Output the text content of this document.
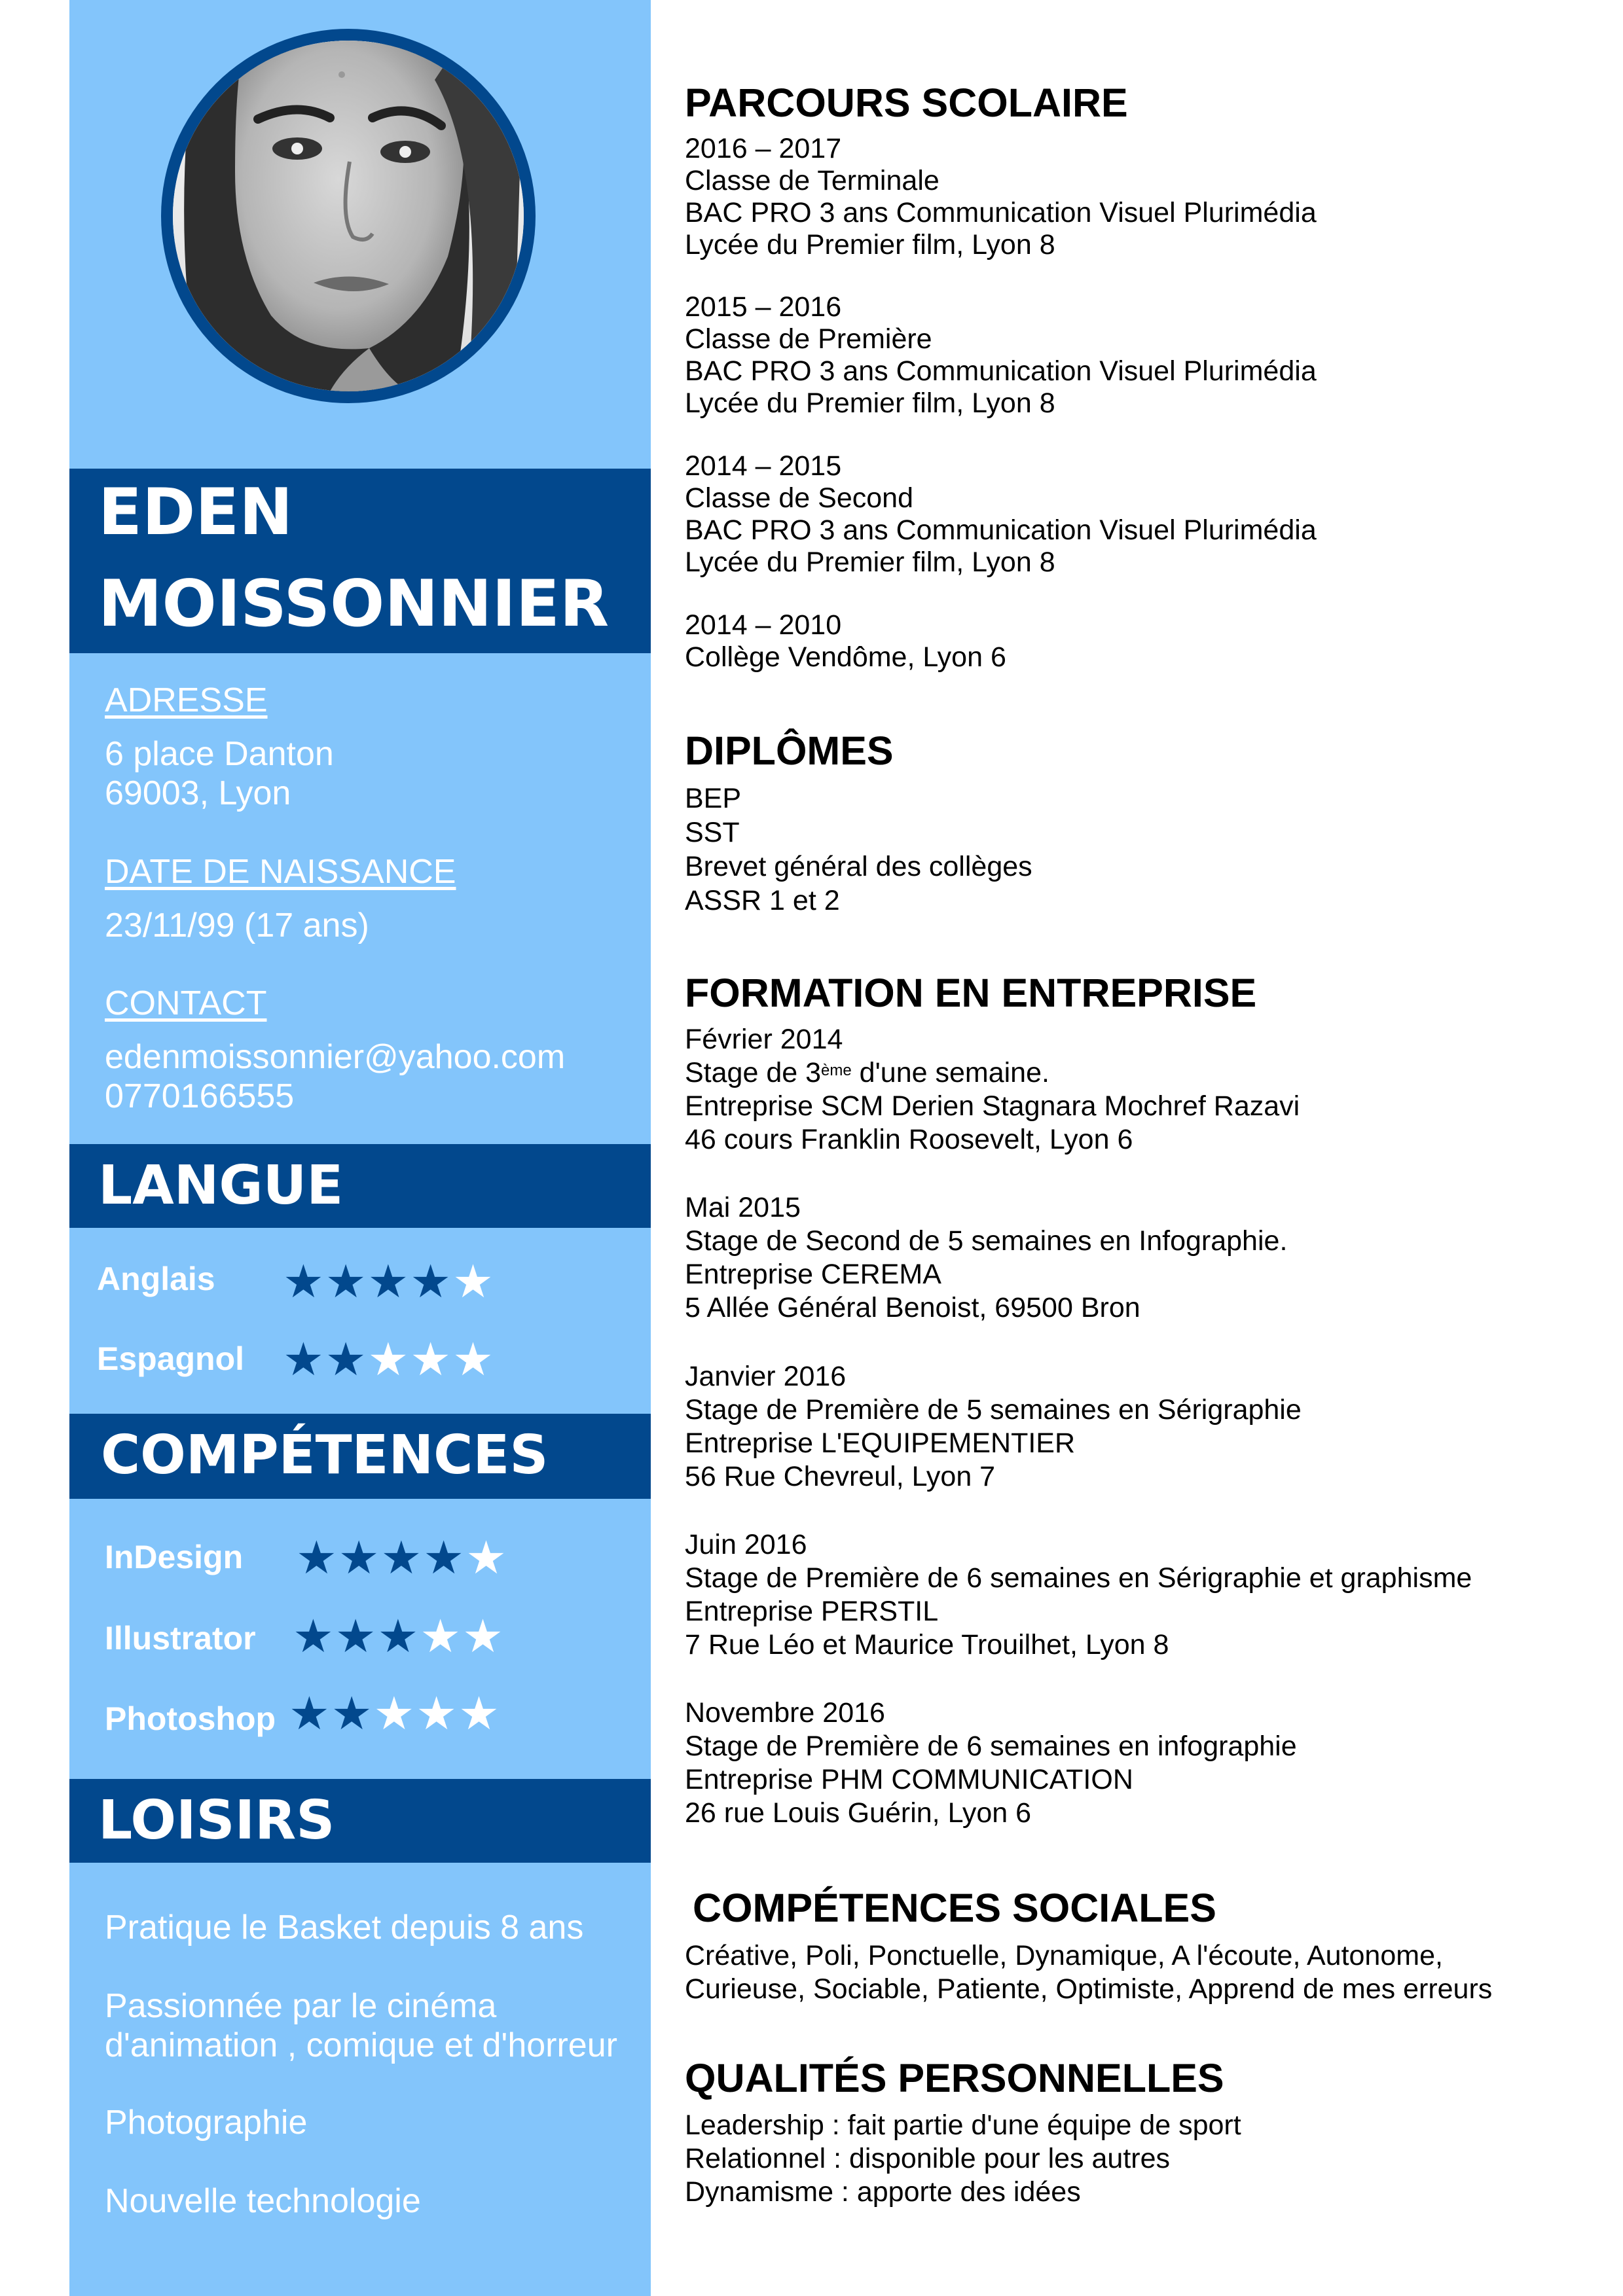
EDEN
MOISSONNIER
ADRESSE
6 place Danton
69003, Lyon
DATE DE NAISSANCE
23/11/99 (17 ans)
CONTACT
edenmoissonnier@yahoo.com
0770166555
LANGUE
Anglais ★★★★★
Espagnol ★★★★★
COMPÉTENCES
InDesign ★★★★★
Illustrator ★★★★★
Photoshop ★★★★★
LOISIRS
Pratique le Basket depuis 8 ans
Passionnée par le cinéma
d'animation , comique et d'horreur
Photographie
Nouvelle technologie
PARCOURS SCOLAIRE
2016 – 2017
Classe de Terminale
BAC PRO 3 ans Communication Visuel Plurimédia
Lycée du Premier film, Lyon 8
2015 – 2016
Classe de Première
BAC PRO 3 ans Communication Visuel Plurimédia
Lycée du Premier film, Lyon 8
2014 – 2015
Classe de Second
BAC PRO 3 ans Communication Visuel Plurimédia
Lycée du Premier film, Lyon 8
2014 – 2010
Collège Vendôme, Lyon 6
DIPLÔMES
BEP
SST
Brevet général des collèges
ASSR 1 et 2
FORMATION EN ENTREPRISE
Février 2014
Stage de 3ème d'une semaine.
Entreprise SCM Derien Stagnara Mochref Razavi
46 cours Franklin Roosevelt, Lyon 6
Mai 2015
Stage de Second de 5 semaines en Infographie.
Entreprise CEREMA
5 Allée Général Benoist, 69500 Bron
Janvier 2016
Stage de Première de 5 semaines en Sérigraphie
Entreprise L'EQUIPEMENTIER
56 Rue Chevreul, Lyon 7
Juin 2016
Stage de Première de 6 semaines en Sérigraphie et graphisme
Entreprise PERSTIL
7 Rue Léo et Maurice Trouilhet, Lyon 8
Novembre 2016
Stage de Première de 6 semaines en infographie
Entreprise PHM COMMUNICATION
26 rue Louis Guérin, Lyon 6
COMPÉTENCES SOCIALES
Créative, Poli, Ponctuelle, Dynamique, A l'écoute, Autonome,
Curieuse, Sociable, Patiente, Optimiste, Apprend de mes erreurs
QUALITÉS PERSONNELLES
Leadership : fait partie d'une équipe de sport
Relationnel : disponible pour les autres
Dynamisme : apporte des idées
